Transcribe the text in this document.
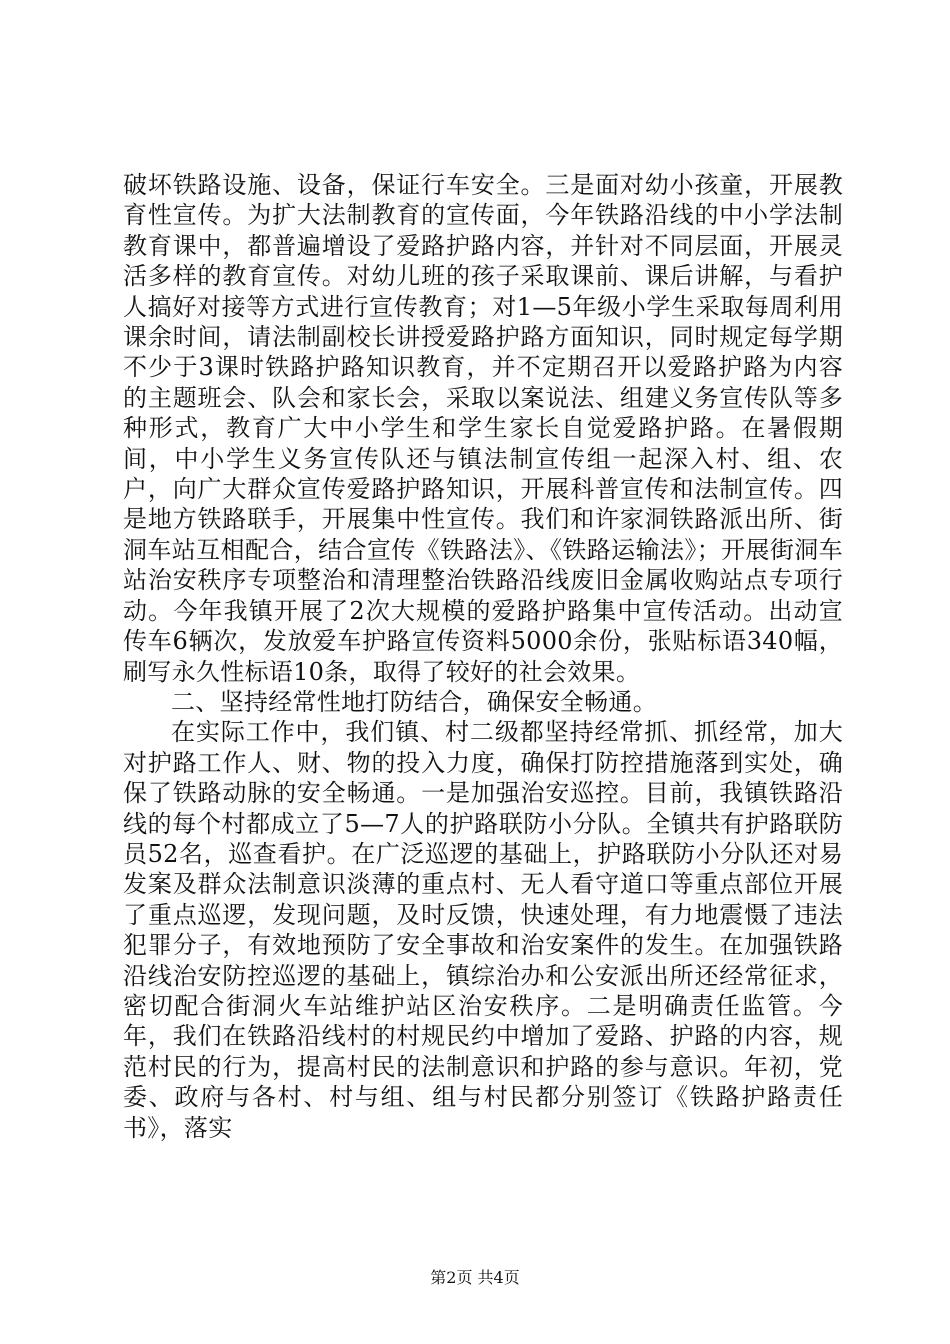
破坏铁路设施、设备，保证行车安全。三是面对幼小孩童，开展教育性宣传。为扩大法制教育的宣传面，今年铁路沿线的中小学法制教育课中，都普遍增设了爱路护路内容，并针对不同层面，开展灵活多样的教育宣传。对幼儿班的孩子采取课前、课后讲解，与看护人搞好对接等方式进行宣传教育；对1—5年级小学生采取每周利用课余时间，请法制副校长讲授爱路护路方面知识，同时规定每学期不少于3课时铁路护路知识教育，并不定期召开以爱路护路为内容的主题班会、队会和家长会，采取以案说法、组建义务宣传队等多种形式，教育广大中小学生和学生家长自觉爱路护路。在暑假期间，中小学生义务宣传队还与镇法制宣传组一起深入村、组、农户，向广大群众宣传爱路护路知识，开展科普宣传和法制宣传。四是地方铁路联手，开展集中性宣传。我们和许家洞铁路派出所、街洞车站互相配合，结合宣传《铁路法》、《铁路运输法》；开展街洞车站治安秩序专项整治和清理整治铁路沿线废旧金属收购站点专项行动。今年我镇开展了2次大规模的爱路护路集中宣传活动。出动宣传车6辆次，发放爱车护路宣传资料5000余份，张贴标语340幅，刷写永久性标语10条，取得了较好的社会效果。

二、坚持经常性地打防结合，确保安全畅通。

在实际工作中，我们镇、村二级都坚持经常抓、抓经常，加大对护路工作人、财、物的投入力度，确保打防控措施落到实处，确保了铁路动脉的安全畅通。一是加强治安巡控。目前，我镇铁路沿线的每个村都成立了5—7人的护路联防小分队。全镇共有护路联防员52名，巡查看护。在广泛巡逻的基础上，护路联防小分队还对易发案及群众法制意识淡薄的重点村、无人看守道口等重点部位开展了重点巡逻，发现问题，及时反馈，快速处理，有力地震慑了违法犯罪分子，有效地预防了安全事故和治安案件的发生。在加强铁路沿线治安防控巡逻的基础上，镇综治办和公安派出所还经常征求，密切配合街洞火车站维护站区治安秩序。二是明确责任监管。今年，我们在铁路沿线村的村规民约中增加了爱路、护路的内容，规范村民的行为，提高村民的法制意识和护路的参与意识。年初，党委、政府与各村、村与组、组与村民都分别签订《铁路护路责任书》，落实

第2页 共4页
